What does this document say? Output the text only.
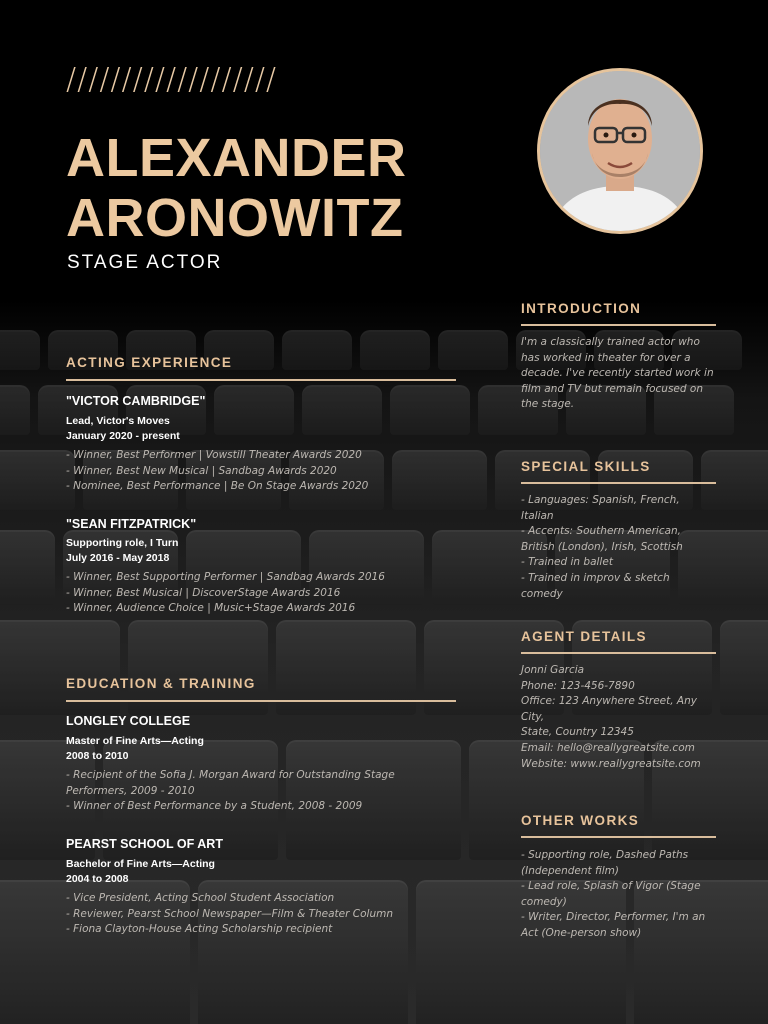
///////////////////
ALEXANDER
ARONOWITZ
STAGE ACTOR
ACTING EXPERIENCE
"VICTOR CAMBRIDGE"
Lead, Victor's Moves
January 2020 - present
- Winner, Best Performer | Vowstill Theater Awards 2020
- Winner, Best New Musical | Sandbag Awards 2020
- Nominee, Best Performance | Be On Stage Awards 2020
"SEAN FITZPATRICK"
Supporting role, I Turn
July 2016 - May 2018
- Winner, Best Supporting Performer | Sandbag Awards 2016
- Winner, Best Musical | DiscoverStage Awards 2016
- Winner, Audience Choice | Music+Stage Awards 2016
EDUCATION & TRAINING
LONGLEY COLLEGE
Master of Fine Arts—Acting
2008 to 2010
- Recipient of the Sofia J. Morgan Award for Outstanding Stage
Performers, 2009 - 2010
- Winner of Best Performance by a Student, 2008 - 2009
PEARST SCHOOL OF ART
Bachelor of Fine Arts—Acting
2004 to 2008
- Vice President, Acting School Student Association
- Reviewer, Pearst School Newspaper—Film & Theater Column
- Fiona Clayton-House Acting Scholarship recipient
INTRODUCTION
I'm a classically trained actor who
has worked in theater for over a
decade. I've recently started work in
film and TV but remain focused on
the stage.
SPECIAL SKILLS
- Languages: Spanish, French,
Italian
- Accents: Southern American,
British (London), Irish, Scottish
- Trained in ballet
- Trained in improv & sketch
comedy
AGENT DETAILS
Jonni Garcia
Phone: 123-456-7890
Office: 123 Anywhere Street, Any City,
State, Country 12345
Email: hello@reallygreatsite.com
Website: www.reallygreatsite.com
OTHER WORKS
- Supporting role, Dashed Paths
(Independent film)
- Lead role, Splash of Vigor (Stage
comedy)
- Writer, Director, Performer, I'm an
Act (One-person show)
